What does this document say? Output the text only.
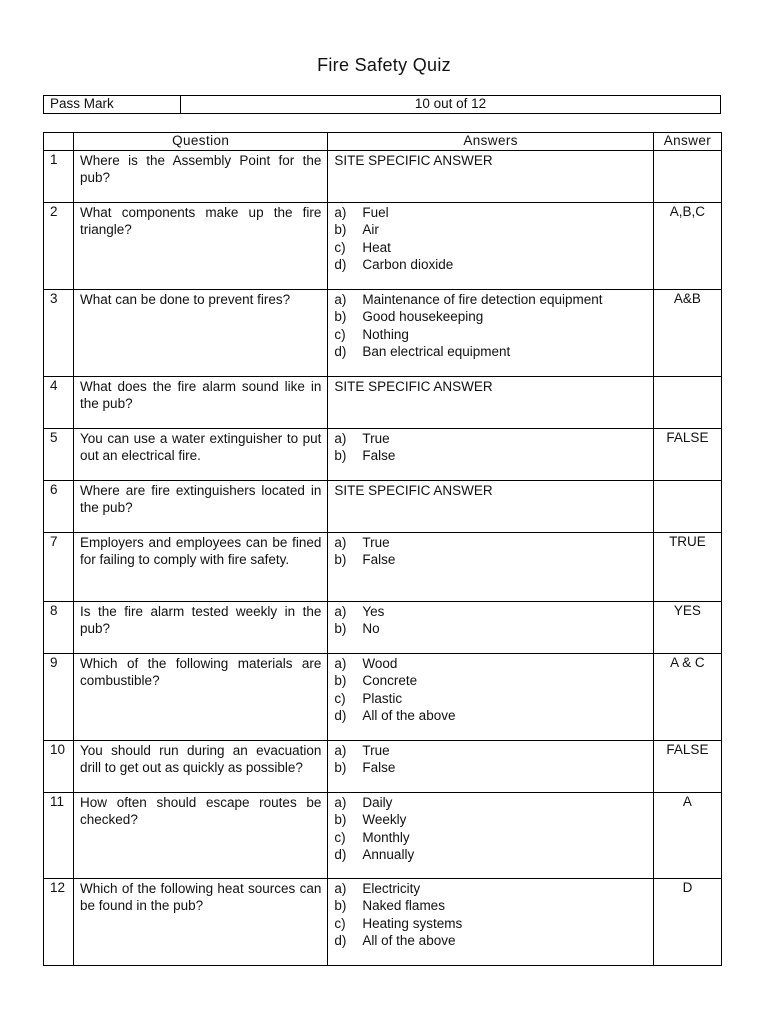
Fire Safety Quiz
Pass Mark	10 out of 12
	Question	Answers	Answer
1	Where is the Assembly Point for the pub?	SITE SPECIFIC ANSWER	

2	What components make up the fire triangle?	a) Fuel
b) Air
c) Heat
d) Carbon dioxide	A,B,C
3	What can be done to prevent fires?	a) Maintenance of fire detection equipment
b) Good housekeeping
c) Nothing
d) Ban electrical equipment	A&B
4	What does the fire alarm sound like in the pub?	SITE SPECIFIC ANSWER	

5	You can use a water extinguisher to put out an electrical fire.	a) True
b) False	FALSE
6	Where are fire extinguishers located in the pub?	SITE SPECIFIC ANSWER	

7	Employers and employees can be fined for failing to comply with fire safety.	a) True
b) False	TRUE
8	Is the fire alarm tested weekly in the pub?	a) Yes
b) No	YES
9	Which of the following materials are combustible?	a) Wood
b) Concrete
c) Plastic
d) All of the above	A & C
10	You should run during an evacuation drill to get out as quickly as possible?	a) True
b) False	FALSE
11	How often should escape routes be checked?	a) Daily
b) Weekly
c) Monthly
d) Annually	A
12	Which of the following heat sources can be found in the pub?	a) Electricity
b) Naked flames
c) Heating systems
d) All of the above	D
